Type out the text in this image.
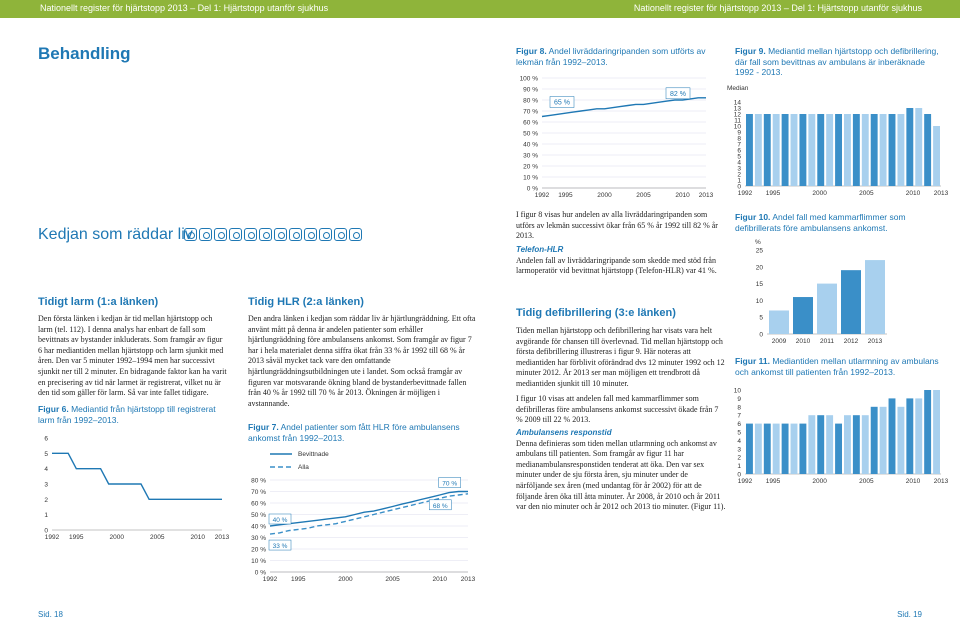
Nationellt register för hjärtstopp 2013 – Del 1: Hjärtstopp utanför sjukhus	Nationellt register för hjärtstopp 2013 – Del 1: Hjärtstopp utanför sjukhus
Behandling
Kedjan som räddar liv
Tidigt larm (1:a länken)	Tidig HLR (2:a länken)
Tidig defibrillering (3:e länken)
Den första länken i kedjan är tid mellan hjärtstopp och larm (tel. 112). I denna analys har enbart de fall som bevittnats av bystander inkluderats. Som framgår av figur 6 har mediantiden mellan hjärtstopp och larm sjunkit med åren. Den var 5 minuter 1992–1994 men har successivt sjunkit ner till 2 minuter. En bidragande faktor kan ha varit en precisering av tid när larmet är registrerat, vilket nu är den tid som gäller för larm. Så var inte fallet tidigare.
Den andra länken i kedjan som räddar liv är hjärtlungräddning. Ett ofta använt mått på denna är andelen patienter som erhåller hjärtlungräddning före ambulansens ankomst. Som framgår av figur 7 har i hela materialet denna siffra ökat från 33 % år 1992 till 68 % år 2013 såväl mycket tack vare den omfattande hjärtlungräddningsutbildningen ute i landet. Som också framgår av figuren var motsvarande ökning bland de bystanderbevittnade fallen från 40 % år 1992 till 70 % år 2013. Ökningen är möjligen i avstannande.
I figur 8 visas hur andelen av alla livräddaringripanden som utförs av lekmän successivt ökar från 65 % år 1992 till 82 % år 2013.
Telefon-HLR
Andelen fall av livräddaringripande som skedde med stöd från larmoperatör vid bevittnat hjärtstopp (Telefon-HLR) var 41 %.
Tiden mellan hjärtstopp och defibrillering har visats vara helt avgörande för chansen till överlevnad. Tid mellan hjärtstopp och första defibrillering illustreras i figur 9. Här noteras att mediantiden har förblivit oförändrad dvs 12 minuter 1992 och 12 minuter 2012. År 2013 ser man möjligen ett trendbrott då mediantiden sjunkit till 10 minuter.
I figur 10 visas att andelen fall med kammarflimmer som defibrilleras före ambulansens ankomst successivt ökade från 7 % 2009 till 22 % 2013.
Ambulansens responstid
Denna definieras som tiden mellan utlarmning och ankomst av ambulans till patienten. Som framgår av figur 11 har medianambulansresponstiden tenderat att öka. Den var sex minuter under de sju första åren, sju minuter under de närföljande sex åren (med undantag för år 2002) för att de följande åren öka till åtta minuter. År 2008, år 2010 och år 2011 var den nio minuter och år 2012 och 2013 tio minuter. (Figur 11).
Figur 6. Mediantid från hjärtstopp till registrerat larm från 1992–2013.
Figur 7. Andel patienter som fått HLR före ambulansens ankomst från 1992–2013.
Figur 8. Andel livräddaringripanden som utförts av lekmän från 1992–2013.
Figur 9. Mediantid mellan hjärtstopp och defibrillering, där fall som bevittnas av ambulans är inberäknade 1992 - 2013.
Figur 10. Andel fall med kammarflimmer som defibrillerats före ambulansens ankomst.
Figur 11. Mediantiden mellan utlarmning av ambulans och ankomst till patienten från 1992–2013.
0
1
2
3
4
5
6
1992 1995	2000	2005	2010 2013
0 %
10 %
20 %
30 %
40 %
50 %
60 %
70 %
80 %
1992 1995	2000	2005	2010 2013
Bevittnade
Alla
40 %
33 %
70 %
68 %
0 %
10 %
20 %
30 %
40 %
50 %
60 %
70 %
80 %
90 %
100 %
1992 1995	2000	2005	2010 2013
65 %
82 %
Median
0
1
2
3
4
5
6
7
8
9
10
11
12
13
14
1992 1995	2000	2005	2010 2013
%
0
5
10
15
20
25
2009 2010 2011 2012 2013
0
1
2
3
4
5
6
7
8
9
10
1992 1995	2000	2005	2010 2013
Sid. 18	Sid. 19
